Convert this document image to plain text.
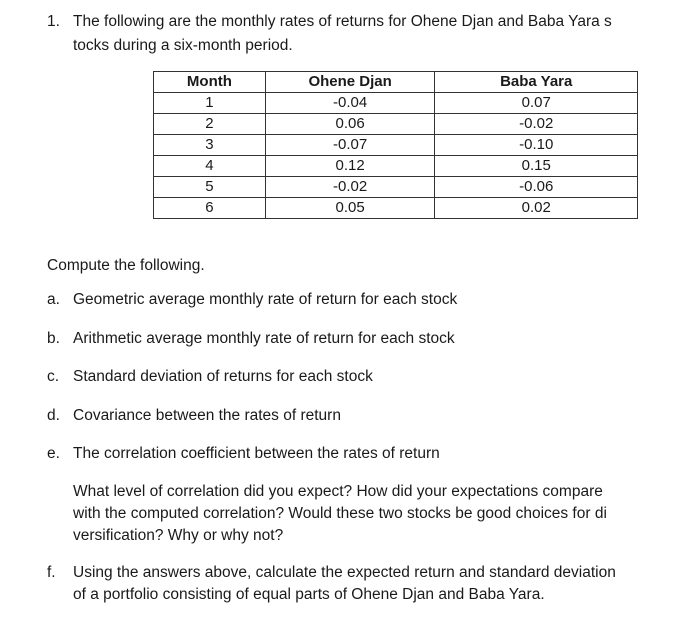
1. The following are the monthly rates of returns for Ohene Djan and Baba Yara s
tocks during a six-month period.
Month	Ohene Djan	Baba Yara
1	-0.04	0.07
2	0.06	-0.02
3	-0.07	-0.10
4	0.12	0.15
5	-0.02	-0.06
6	0.05	0.02
Compute the following.
a. Geometric average monthly rate of return for each stock
b. Arithmetic average monthly rate of return for each stock
c. Standard deviation of returns for each stock
d. Covariance between the rates of return
e. The correlation coefficient between the rates of return
What level of correlation did you expect? How did your expectations compare
with the computed correlation? Would these two stocks be good choices for di
versification? Why or why not?
f. Using the answers above, calculate the expected return and standard deviation
of a portfolio consisting of equal parts of Ohene Djan and Baba Yara.
